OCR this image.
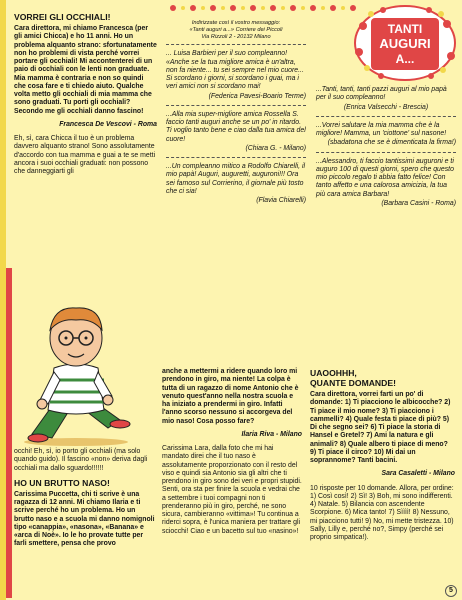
VORREI GLI OCCHIALI!

Cara direttora, mi chiamo Francesca (per gli amici Chicca) e ho 11 anni. Ho un problema alquanto strano: sfortunatamente non ho problemi di vista perché vorrei portare gli occhiali! Mi accontenterei di un paio di occhiali con le lenti non graduate. Mia mamma è contraria e non so quindi che cosa fare e ti chiedo aiuto. Qualche volta metto gli occhiali di mia mamma che sono graduati. Tu porti gli occhiali? Secondo me gli occhiali danno fascino!

Francesca De Vescovi - Roma

Eh, sì, cara Chicca il tuo è un problema davvero alquanto strano! Sono assolutamente d'accordo con tua mamma e guai a te se metti ancora i suoi occhiali graduati: non possono che danneggiarti gli

occhi! Eh, sì, io porto gli occhiali (ma solo quando guido). Il fascino «non» deriva dagli occhiali ma dallo sguardo!!!!!!

HO UN BRUTTO NASO!

Carissima Puccetta, chi ti scrive è una ragazza di 12 anni. Mi chiamo Ilaria e ti scrive perché ho un problema. Ho un brutto naso e a scuola mi danno nomignoli tipo «canappia», «nasona», «Banana» e «arca di Noè». Io le ho provate tutte per farli smettere, pensa che provo

Indirizzate così il vostro messaggio:
«Tanti auguri a...» Corriere dei Piccoli
Via Rizzoli 2 - 20132 Milano

... Luisa Barbieri per il suo compleanno! «Anche se la tua migliore amica è un'altra, non fa niente... tu sei sempre nel mio cuore... Si scordano i giorni, si scordano i guai, ma i veri amici non si scordano mai!

(Federica Pavesi-Boario Terme)

...Alla mia super-migliore amica Rossella S. faccio tanti auguri anche se un po' in ritardo. Ti voglio tanto bene e ciao dalla tua amica del cuore!

(Chiara G. - Milano)

...Un compleanno mitico a Rodolfo Chiarelli, il mio papà! Auguri, auguretti, auguroni!!! Ora sei famoso sul Corrierino, il giornale più tosto che ci sia!

(Flavia Chiarelli)

anche a mettermi a ridere quando loro mi prendono in giro, ma niente! La colpa è tutta di un ragazzo di nome Antonio che è venuto quest'anno nella nostra scuola e ha iniziato a prendermi in giro. Infatti l'anno scorso nessuno si accorgeva del mio naso! Cosa posso fare?

Ilaria Riva - Milano

Carissima Lara, dalla foto che mi hai mandato direi che il tuo naso è assolutamente proporzionato con il resto del viso e quindi sia Antonio sia gli altri che ti prendono in giro sono dei veri e propri stupidi. Senti, ora sta per finire la scuola e vedrai che a settembre i tuoi compagni non ti prenderanno più in giro, perché, ne sono sicura, cambieranno «vittima»! Tu continua a riderci sopra, è l'unica maniera per trattare gli sciocchi! Ciao e un bacetto sul tuo «nasino»!

TANTI
AUGURI
A...

...Tanti, tanti, tanti pazzi auguri al mio papà per il suo compleanno!

(Enrica Valsecchi - Brescia)

...Vorrei salutare la mia mamma che è la migliore! Mamma, un 'ciottone' sul nasone!

(sbadatona che se è dimenticata la firma!)

...Alessandro, ti faccio tantissimi auguroni e ti auguro 100 di questi giorni, spero che questo mio piccolo regalo ti abbia fatto felice! Con tanto affetto e una calorosa amicizia, la tua più cara amica Barbara!

(Barbara Casini - Roma)
UAOOHHH,
QUANTE DOMANDE!

Cara direttora, vorrei farti un po' di domande: 1) Ti piacciono le albicocche? 2) Ti piace il mio nome? 3) Ti piacciono i cammelli? 4) Quale festa ti piace di più? 5) Di che segno sei? 6) Ti piace la storia di Hansel e Gretel? 7) Ami la natura e gli animali? 8) Quale albero ti piace di meno? 9) Ti piace il circo? 10) Mi dai un soprannome? Tanti bacini.

Sara Casaletti - Milano

10 risposte per 10 domande. Allora, per ordine: 1) Così così! 2) Sì! 3) Boh, mi sono indifferenti. 4) Natale. 5) Bilancia con ascendente Scorpione. 6) Mica tanto! 7) Sìììì! 8) Nessuno, mi piacciono tutti! 9) No, mi mette tristezza. 10) Sally, Lilly e, perché no?, Simpy (perché sei proprio simpatica!).

5
